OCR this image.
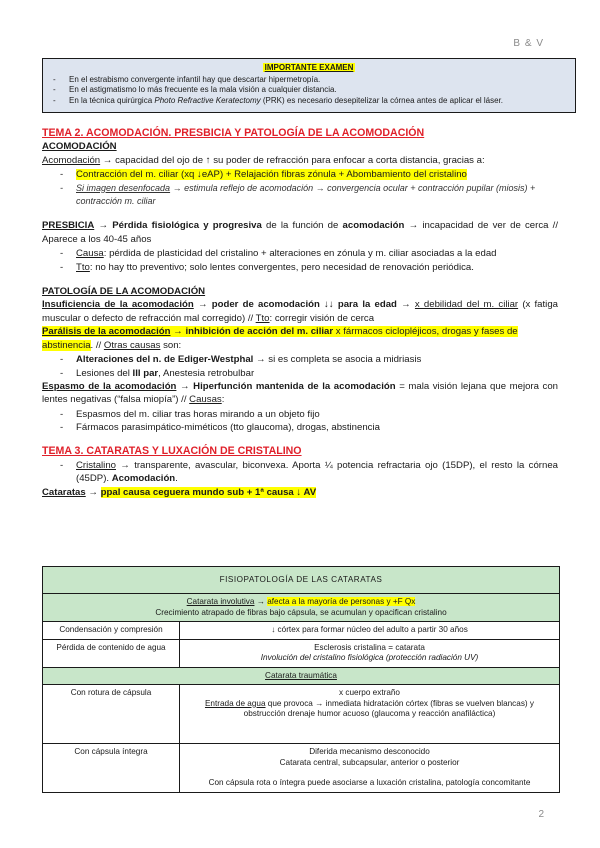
B & V
IMPORTANTE EXAMEN
- En el estrabismo convergente infantil hay que descartar hipermetropía.
- En el astigmatismo lo más frecuente es la mala visión a cualquier distancia.
- En la técnica quirúrgica Photo Refractive Keratectomy (PRK) es necesario desepitelizar la córnea antes de aplicar el láser.
TEMA 2. ACOMODACIÓN. PRESBICIA Y PATOLOGÍA DE LA ACOMODACIÓN
ACOMODACIÓN
Acomodación → capacidad del ojo de ↑ su poder de refracción para enfocar a corta distancia, gracias a:
- Contracción del m. ciliar (xq ↓eAP) + Relajación fibras zónula + Abombamiento del cristalino
- Si imagen desenfocada → estimula reflejo de acomodación → convergencia ocular + contracción pupilar (miosis) + contracción m. ciliar
PRESBICIA → Pérdida fisiológica y progresiva de la función de acomodación → incapacidad de ver de cerca // Aparece a los 40-45 años
- Causa: pérdida de plasticidad del cristalino + alteraciones en zónula y m. ciliar asociadas a la edad
- Tto: no hay tto preventivo; solo lentes convergentes, pero necesidad de renovación periódica.
PATOLOGÍA DE LA ACOMODACIÓN
Insuficiencia de la acomodación → poder de acomodación ↓↓ para la edad → x debilidad del m. ciliar (x fatiga muscular o defecto de refracción mal corregido) // Tto: corregir visión de cerca
Parálisis de la acomodación → inhibición de acción del m. ciliar x fármacos ciclopléjicos, drogas y fases de abstinencia. // Otras causas son:
- Alteraciones del n. de Ediger-Westphal → si es completa se asocia a midriasis
- Lesiones del III par, Anestesia retrobulbar
Espasmo de la acomodación → Hiperfunción mantenida de la acomodación = mala visión lejana que mejora con lentes negativas (“falsa miopía”) // Causas:
- Espasmos del m. ciliar tras horas mirando a un objeto fijo
- Fármacos parasimpático-miméticos (tto glaucoma), drogas, abstinencia
TEMA 3. CATARATAS Y LUXACIÓN DE CRISTALINO
- Cristalino → transparente, avascular, biconvexa. Aporta ¼ potencia refractaria ojo (15DP), el resto la córnea (45DP). Acomodación.
Cataratas → ppal causa ceguera mundo sub + 1ª causa ↓ AV
FISIOPATOLOGÍA DE LAS CATARATAS	

Catarata involutiva → afecta a la mayoría de personas y +F Qx
Crecimiento atrapado de fibras bajo cápsula, se acumulan y opacifican cristalino	

Condensación y compresión	↓ córtex para formar núcleo del adulto a partir 30 años
Pérdida de contenido de agua	Esclerosis cristalina = catarata
Involución del cristalino fisiológica (protección radiación UV)

Catarata traumática	
Con rotura de cápsula	x cuerpo extraño
Entrada de agua que provoca → inmediata hidratación córtex (fibras se vuelven blancas) y obstrucción drenaje humor acuoso (glaucoma y reacción anafiláctica)

Con cápsula íntegra	Diferida mecanismo desconocido
Catarata central, subcapsular, anterior o posterior
Con cápsula rota o íntegra puede asociarse a luxación cristalina, patología concomitante
2
